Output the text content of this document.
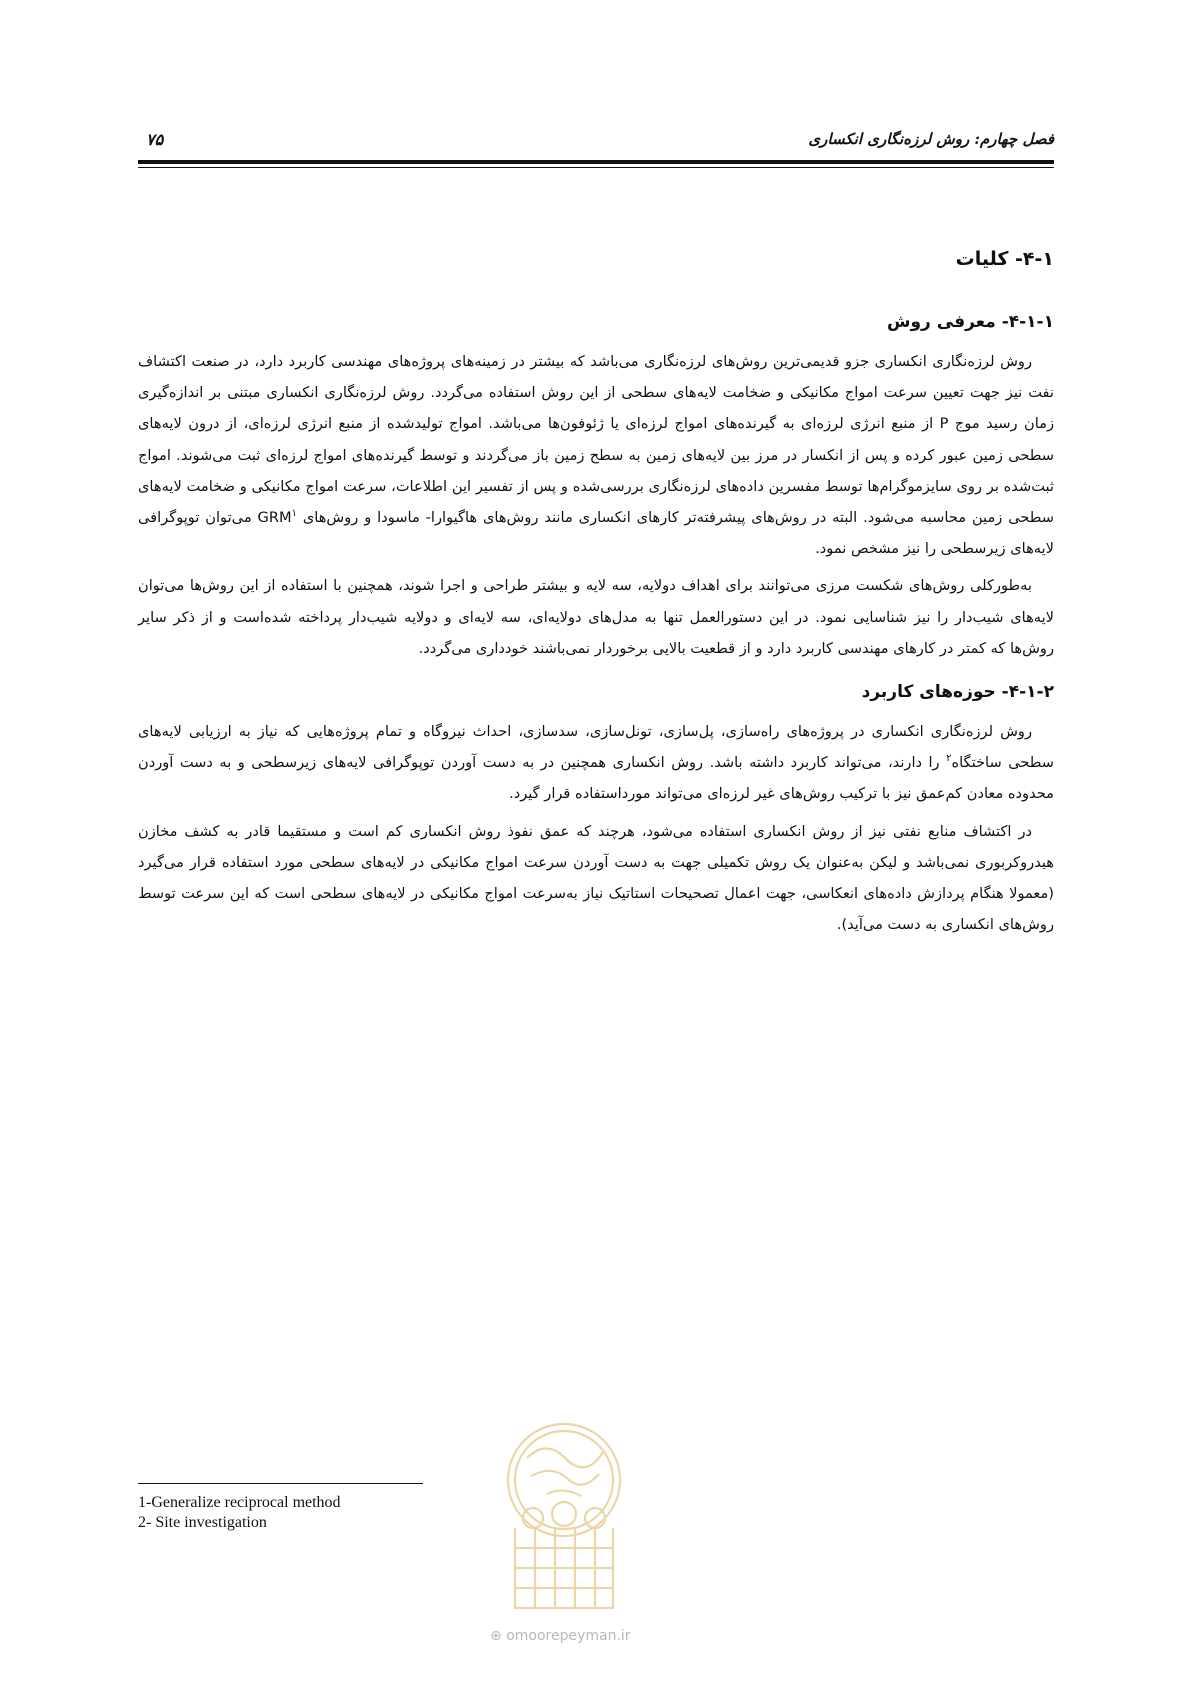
فصل چهارم: روش لرزه‌نگاری انکساری
۷۵
۴-۱- کلیات
۴-۱-۱- معرفی روش

روش لرزه‌نگاری انکساری جزو قدیمی‌ترین روش‌های لرزه‌نگاری می‌باشد که بیشتر در زمینه‌های پروژه‌های مهندسی کاربرد دارد، در صنعت اکتشاف نفت نیز جهت تعیین سرعت امواج مکانیکی و ضخامت لایه‌های سطحی از این روش استفاده می‌گردد. روش لرزه‌نگاری انکساری مبتنی بر اندازه‌گیری زمان رسید موج P از منبع انرژی لرزه‌ای به گیرنده‌های امواج لرزه‌ای یا ژئوفون‌ها می‌باشد. امواج تولیدشده از منبع انرژی لرزه‌ای، از درون لایه‌های سطحی زمین عبور کرده و پس از انکسار در مرز بین لایه‌های زمین به سطح زمین باز می‌گردند و توسط گیرنده‌های امواج لرزه‌ای ثبت می‌شوند. امواج ثبت‌شده بر روی سایزموگرام‌ها توسط مفسرین داده‌های لرزه‌نگاری بررسی‌شده و پس از تفسیر این اطلاعات، سرعت امواج مکانیکی و ضخامت لایه‌های سطحی زمین محاسبه می‌شود. البته در روش‌های پیشرفته‌تر کارهای انکساری مانند روش‌های هاگیوارا- ماسودا و روش‌های GRM$^۱$ می‌توان توپوگرافی لایه‌های زیرسطحی را نیز مشخص نمود.

به‌طورکلی روش‌های شکست مرزی می‌توانند برای اهداف دولایه، سه لایه و بیشتر طراحی و اجرا شوند، همچنین با استفاده از این روش‌ها می‌توان لایه‌های شیب‌دار را نیز شناسایی نمود. در این دستورالعمل تنها به مدل‌های دولایه‌ای، سه لایه‌ای و دولایه شیب‌دار پرداخته شده‌است و از ذکر سایر روش‌ها که کمتر در کارهای مهندسی کاربرد دارد و از قطعیت بالایی برخوردار نمی‌باشند خودداری می‌گردد.

۴-۱-۲- حوزه‌های کاربرد

روش لرزه‌نگاری انکساری در پروژه‌های راه‌سازی، پل‌سازی، تونل‌سازی، سدسازی، احداث نیروگاه و تمام پروژه‌هایی که نیاز به ارزیابی لایه‌های سطحی ساختگاه$^۲$ را دارند، می‌تواند کاربرد داشته باشد. روش انکساری همچنین در به دست آوردن توپوگرافی لایه‌های زیرسطحی و به دست آوردن محدوده معادن کم‌عمق نیز با ترکیب روش‌های غیر لرزه‌ای می‌تواند مورداستفاده قرار گیرد.

در اکتشاف منابع نفتی نیز از روش انکساری استفاده می‌شود، هرچند که عمق نفوذ روش انکساری کم است و مستقیما قادر به کشف مخازن هیدروکربوری نمی‌باشد و لیکن به‌عنوان یک روش تکمیلی جهت به دست آوردن سرعت امواج مکانیکی در لایه‌های سطحی مورد استفاده قرار می‌گیرد (معمولا هنگام پردازش داده‌های انعکاسی، جهت اعمال تصحیحات استاتیک نیاز به‌سرعت امواج مکانیکی در لایه‌های سطحی است که این سرعت توسط روش‌های انکساری به دست می‌آید).

1-Generalize reciprocal method
2- Site investigation
⊕ omoorepeyman.ir
